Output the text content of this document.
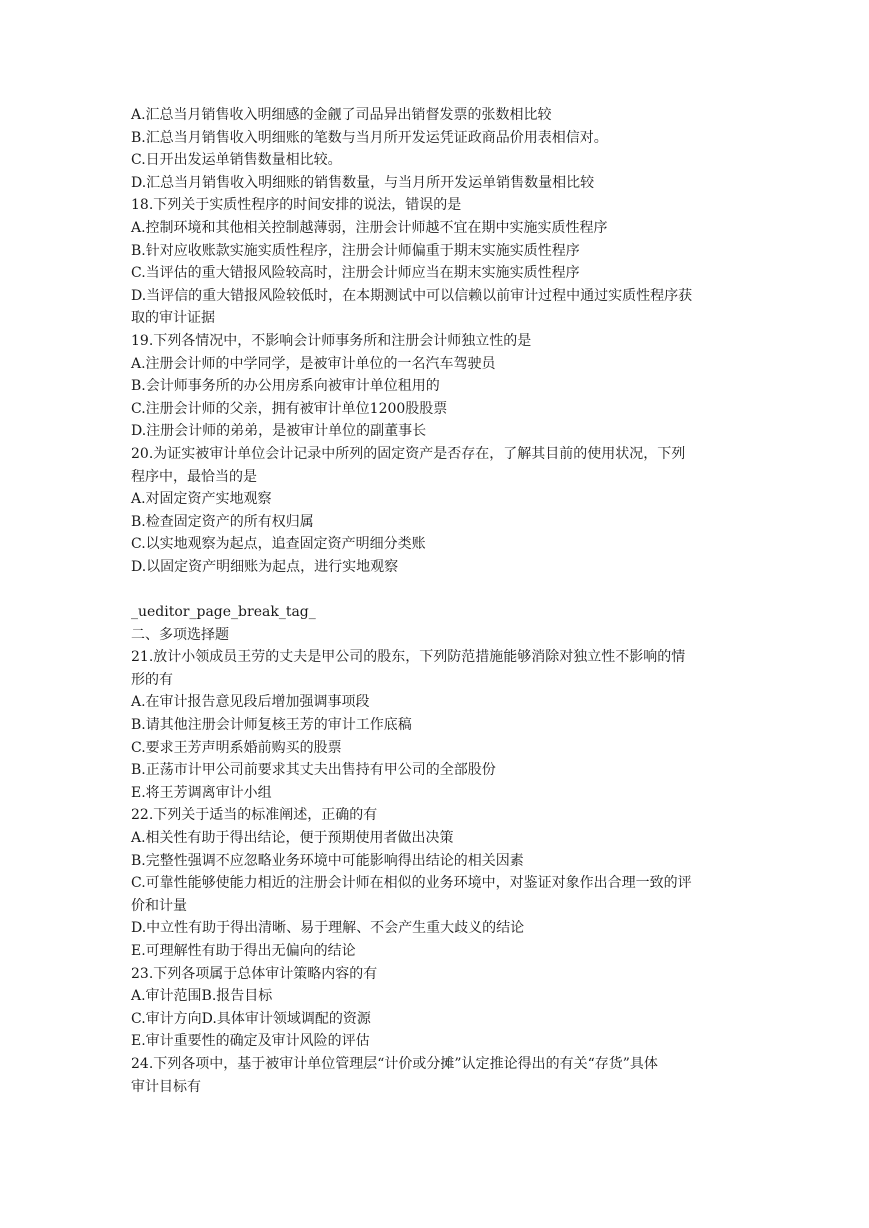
A.汇总当月销售收入明细感的金觎了司品异出销督发票的张数相比较
B.汇总当月销售收入明细账的笔数与当月所开发运凭证政商品价用表相信对。
C.日开出发运单销售数量相比较。
D.汇总当月销售收入明细账的销售数量，与当月所开发运单销售数量相比较
18.下列关于实质性程序的时间安排的说法，错误的是
A.控制环境和其他相关控制越薄弱，注册会计师越不宜在期中实施实质性程序
B.针对应收账款实施实质性程序，注册会计师偏重于期末实施实质性程序
C.当评估的重大错报风险较高时，注册会计师应当在期末实施实质性程序
D.当评信的重大错报风险较低时，在本期测试中可以信赖以前审计过程中通过实质性程序获
取的审计证据
19.下列各情况中，不影响会计师事务所和注册会计师独立性的是
A.注册会计师的中学同学，是被审计单位的一名汽车驾驶员
B.会计师事务所的办公用房系向被审计单位租用的
C.注册会计师的父亲，拥有被审计单位1200股股票
D.注册会计师的弟弟，是被审计单位的副董事长
20.为证实被审计单位会计记录中所列的固定资产是否存在，了解其目前的使用状况，下列
程序中，最恰当的是
A.对固定资产实地观察
B.检查固定资产的所有权归属
C.以实地观察为起点，追查固定资产明细分类账
D.以固定资产明细账为起点，进行实地观察
_ueditor_page_break_tag_
二、多项选择题
21.放计小领成员王劳的丈夫是甲公司的股东，下列防范措施能够消除对独立性不影响的情
形的有
A.在审计报告意见段后增加强调事项段
B.请其他注册会计师复核王芳的审计工作底稿
C.要求王芳声明系婚前购买的股票
B.正荡市计甲公司前要求其丈夫出售持有甲公司的全部股份
E.将王芳调离审计小组
22.下列关于适当的标准阐述，正确的有
A.相关性有助于得出结论，便于预期使用者做出决策
B.完整性强调不应忽略业务环境中可能影响得出结论的相关因素
C.可靠性能够使能力相近的注册会计师在相似的业务环境中，对鉴证对象作出合理一致的评
价和计量
D.中立性有助于得出清晰、易于理解、不会产生重大歧义的结论
E.可理解性有助于得出无偏向的结论
23.下列各项属于总体审计策略内容的有
A.审计范围B.报告目标
C.审计方向D.具体审计领域调配的资源
E.审计重要性的确定及审计风险的评估
24.下列各项中，基于被审计单位管理层“计价或分摊”认定推论得出的有关“存货”具体
审计目标有
